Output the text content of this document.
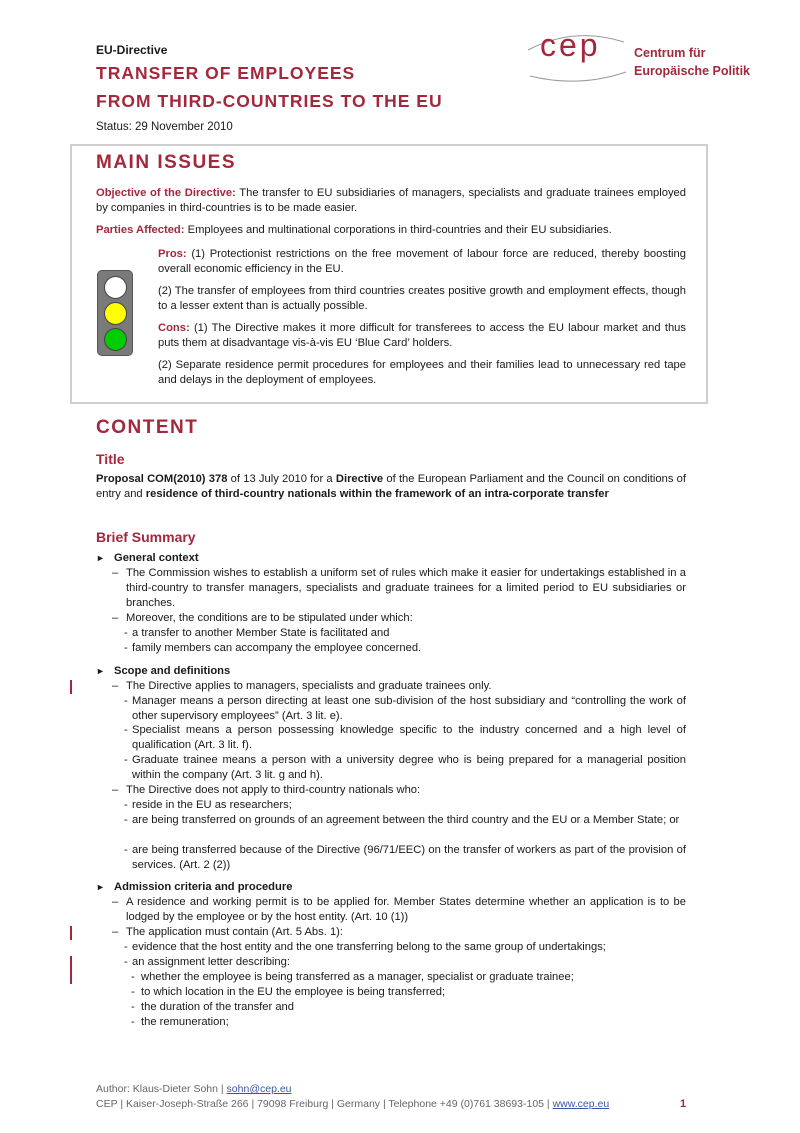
EU-Directive
TRANSFER OF EMPLOYEES
FROM THIRD-COUNTRIES TO THE EU
Status: 29 November 2010
cep	Centrum für
Europäische Politik
MAIN ISSUES
Objective of the Directive: The transfer to EU subsidiaries of managers, specialists and graduate trainees employed by companies in third-countries is to be made easier.
Parties Affected: Employees and multinational corporations in third-countries and their EU subsidiaries.
Pros: (1) Protectionist restrictions on the free movement of labour force are reduced, thereby boosting overall economic efficiency in the EU.
(2) The transfer of employees from third countries creates positive growth and employment effects, though to a lesser extent than is actually possible.
Cons: (1) The Directive makes it more difficult for transferees to access the EU labour market and thus puts them at disadvantage vis-à-vis EU ‘Blue Card’ holders.
(2) Separate residence permit procedures for employees and their families lead to unnecessary red tape and delays in the deployment of employees.
CONTENT
Title
Proposal COM(2010) 378 of 13 July 2010 for a Directive of the European Parliament and the Council on conditions of entry and residence of third-country nationals within the framework of an intra-corporate transfer
Brief Summary
► General context
– The Commission wishes to establish a uniform set of rules which make it easier for undertakings established in a third-country to transfer managers, specialists and graduate trainees for a limited period to EU subsidiaries or branches.
– Moreover, the conditions are to be stipulated under which:
- a transfer to another Member State is facilitated and
- family members can accompany the employee concerned.
► Scope and definitions
– The Directive applies to managers, specialists and graduate trainees only.
- Manager means a person directing at least one sub-division of the host subsidiary and “controlling the work of other supervisory employees” (Art. 3 lit. e).
- Specialist means a person possessing knowledge specific to the industry concerned and a high level of qualification (Art. 3 lit. f).
- Graduate trainee means a person with a university degree who is being prepared for a managerial position within the company (Art. 3 lit. g and h).
– The Directive does not apply to third-country nationals who:
- reside in the EU as researchers;
- are being transferred on grounds of an agreement between the third country and the EU or a Member State; or
- are being transferred because of the Directive (96/71/EEC) on the transfer of workers as part of the provision of services. (Art. 2 (2))
► Admission criteria and procedure
– A residence and working permit is to be applied for. Member States determine whether an application is to be lodged by the employee or by the host entity. (Art. 10 (1))
– The application must contain (Art. 5 Abs. 1):
- evidence that the host entity and the one transferring belong to the same group of undertakings;
- an assignment letter describing:
- whether the employee is being transferred as a manager, specialist or graduate trainee;
- to which location in the EU the employee is being transferred;
- the duration of the transfer and
- the remuneration;
Author: Klaus-Dieter Sohn | sohn@cep.eu
CEP | Kaiser-Joseph-Straße 266 | 79098 Freiburg | Germany | Telephone +49 (0)761 38693-105 | www.cep.eu	1
